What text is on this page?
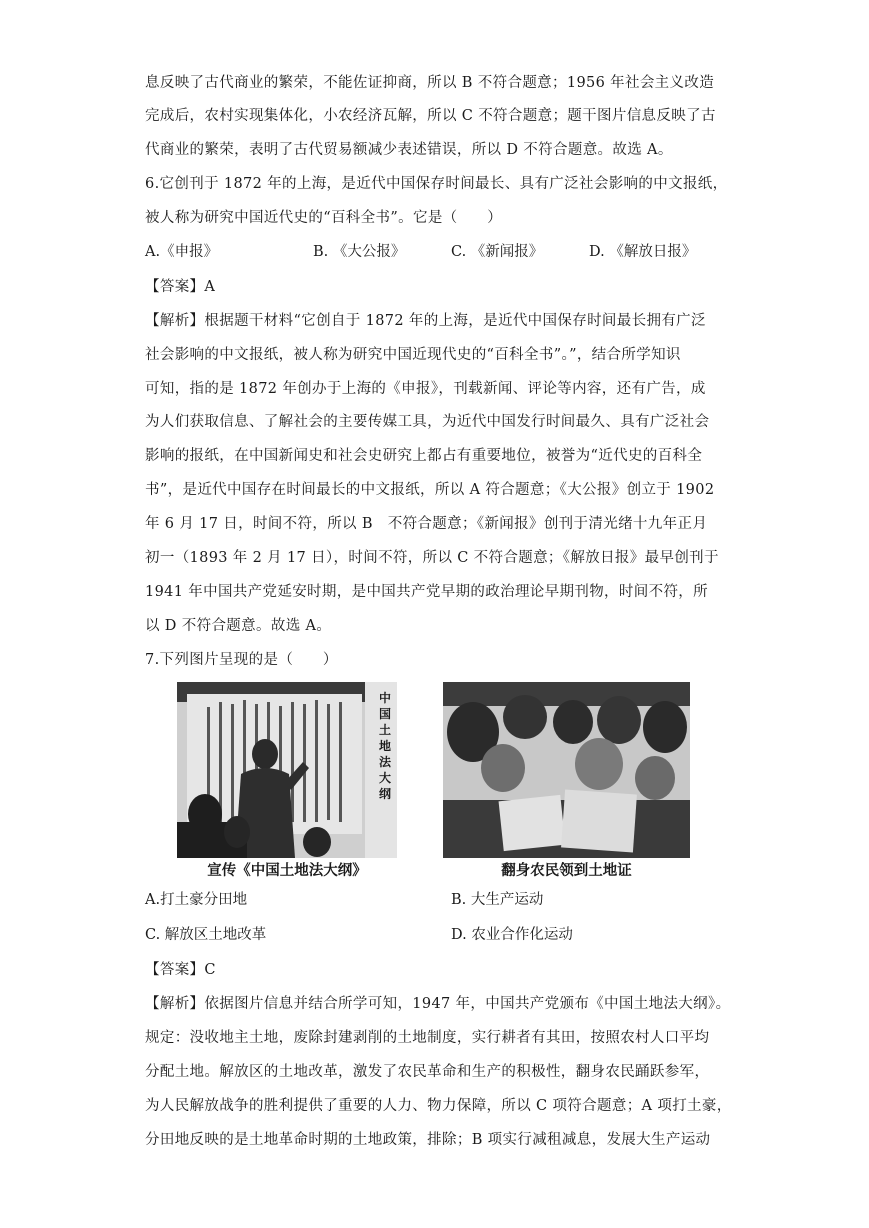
息反映了古代商业的繁荣，不能佐证抑商，所以 B 不符合题意；1956 年社会主义改造
完成后，农村实现集体化，小农经济瓦解，所以 C 不符合题意；题干图片信息反映了古
代商业的繁荣，表明了古代贸易额减少表述错误，所以 D 不符合题意。故选 A。
6.它创刊于 1872 年的上海，是近代中国保存时间最长、具有广泛社会影响的中文报纸，
被人称为研究中国近代史的“百科全书”。它是（　　）
A.《申报》	B. 《大公报》	C. 《新闻报》	D. 《解放日报》
【答案】A
【解析】根据题干材料“它创自于 1872 年的上海，是近代中国保存时间最长拥有广泛
社会影响的中文报纸，被人称为研究中国近现代史的“百科全书”。”，结合所学知识
可知，指的是 1872 年创办于上海的《申报》，刊载新闻、评论等内容，还有广告，成
为人们获取信息、了解社会的主要传媒工具，为近代中国发行时间最久、具有广泛社会
影响的报纸，在中国新闻史和社会史研究上都占有重要地位，被誉为“近代史的百科全
书”，是近代中国存在时间最长的中文报纸，所以 A 符合题意；《大公报》创立于 1902
年 6 月 17 日，时间不符，所以 B　不符合题意；《新闻报》创刊于清光绪十九年正月
初一（1893 年 2 月 17 日），时间不符，所以 C 不符合题意；《解放日报》最早创刊于
1941 年中国共产党延安时期，是中国共产党早期的政治理论早期刊物，时间不符，所
以 D 不符合题意。故选 A。
7.下列图片呈现的是（　　）
中国土地法大纲
宣传《中国土地法大纲》	翻身农民领到土地证
A.打土豪分田地	B. 大生产运动
C. 解放区土地改革	D. 农业合作化运动
【答案】C
【解析】依据图片信息并结合所学可知，1947 年，中国共产党颁布《中国土地法大纲》。
规定：没收地主土地，废除封建剥削的土地制度，实行耕者有其田，按照农村人口平均
分配土地。解放区的土地改革，激发了农民革命和生产的积极性，翻身农民踊跃参军，
为人民解放战争的胜利提供了重要的人力、物力保障，所以 C 项符合题意；A 项打土豪，
分田地反映的是土地革命时期的土地政策，排除；B 项实行减租减息，发展大生产运动
